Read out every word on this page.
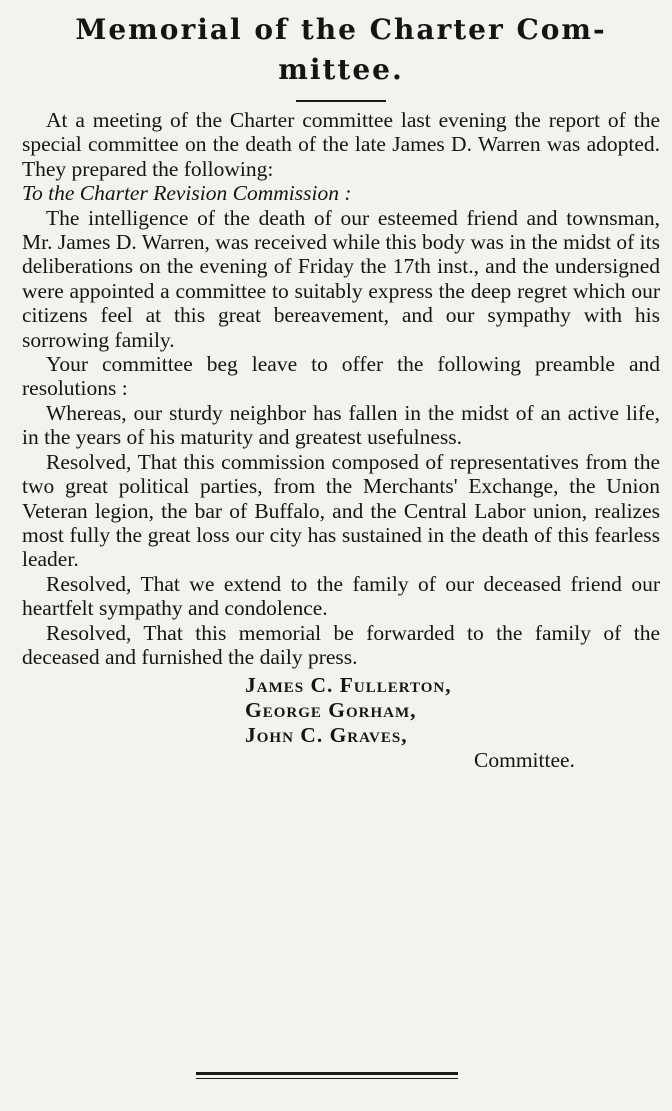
Memorial of the Charter Com-
mittee.
At a meeting of the Charter committee last evening the report of the special committee on the death of the late James D. Warren was adopted. They prepared the following:
To the Charter Revision Commission :
The intelligence of the death of our esteemed friend and townsman, Mr. James D. Warren, was received while this body was in the midst of its deliberations on the evening of Friday the 17th inst., and the undersigned were appointed a committee to suitably express the deep regret which our citizens feel at this great bereavement, and our sympathy with his sorrowing family.
Your committee beg leave to offer the following preamble and resolutions :
Whereas, our sturdy neighbor has fallen in the midst of an active life, in the years of his maturity and greatest usefulness.
Resolved, That this commission composed of representatives from the two great political parties, from the Merchants' Exchange, the Union Veteran legion, the bar of Buffalo, and the Central Labor union, realizes most fully the great loss our city has sustained in the death of this fearless leader.
Resolved, That we extend to the family of our deceased friend our heartfelt sympathy and condolence.
Resolved, That this memorial be forwarded to the family of the deceased and furnished the daily press.
James C. Fullerton,
George Gorham,
John C. Graves,
Committee.
